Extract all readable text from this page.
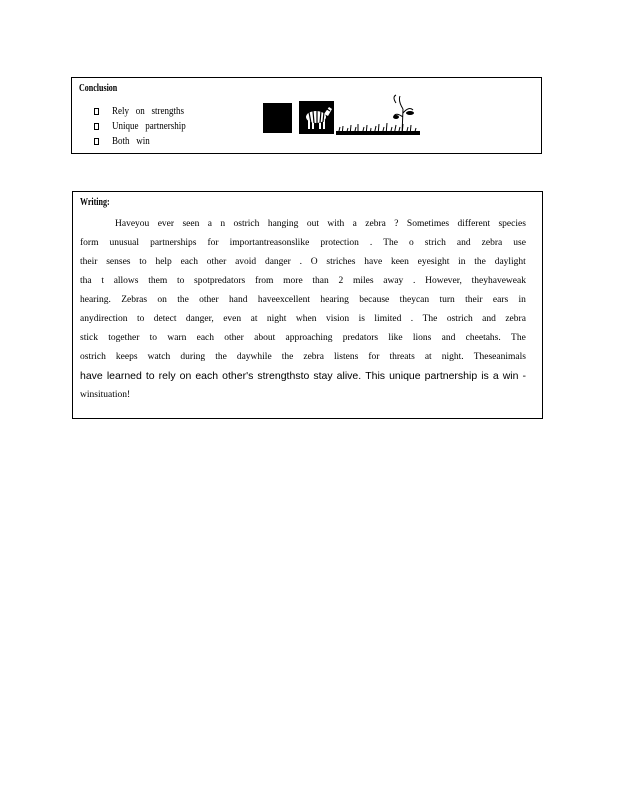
Conclusion
Rely on strengths
Unique partnership
Both win
Writing:
Haveyou ever seen a n ostrich hanging out with a zebra ? Sometimes different species
form unusual partnerships for importantreasonslike protection . The o strich and zebra use
their senses to help each other avoid danger . O striches have keen eyesight in the daylight
tha t allows them to spotpredators from more than 2 miles away . However, theyhaveweak
hearing. Zebras on the other hand haveexcellent hearing because theycan turn their ears in
anydirection to detect danger, even at night when vision is limited . The ostrich and zebra
stick together to warn each other about approaching predators like lions and cheetahs. The
ostrich keeps watch during the daywhile the zebra listens for threats at night. Theseanimals
have learned to rely on each other's strengthsto stay alive. This unique partnership is a win -
winsituation!
